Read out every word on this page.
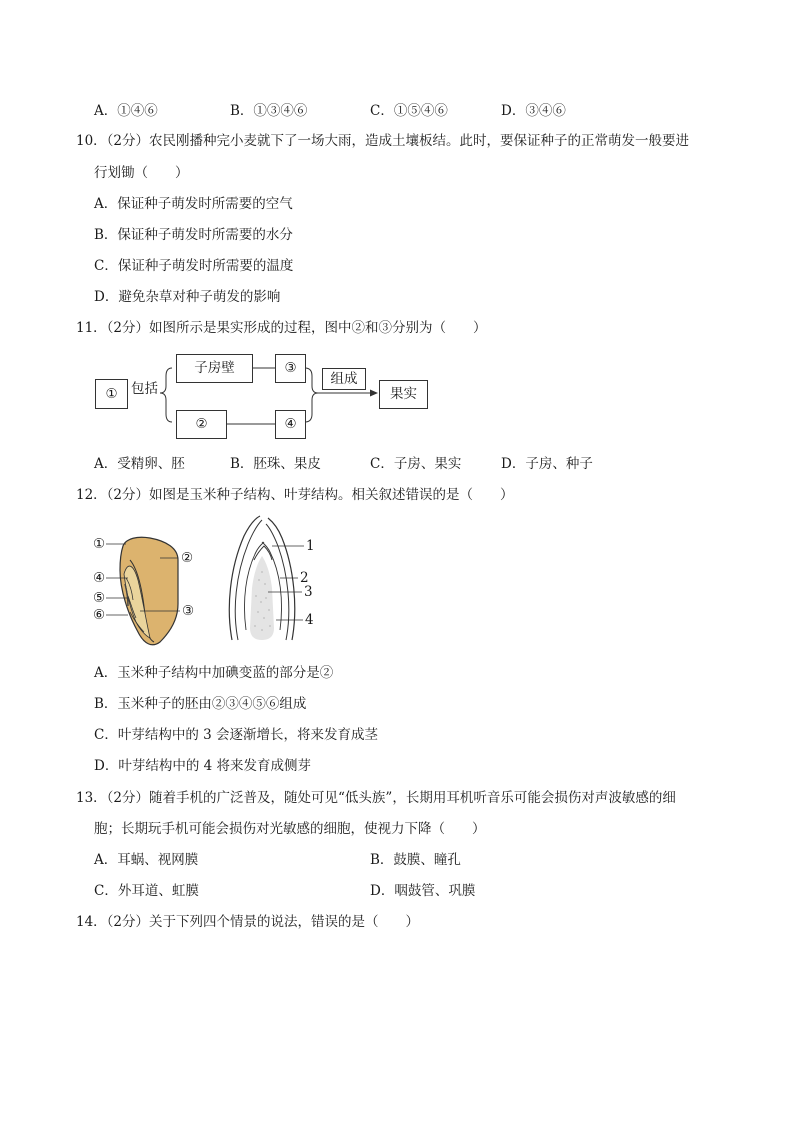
A．①④⑥	B．①③④⑥	C．①⑤④⑥	D．③④⑥
10．（2分）农民刚播种完小麦就下了一场大雨，造成土壤板结。此时，要保证种子的正常萌发一般要进
行划锄（　　）
A．保证种子萌发时所需要的空气
B．保证种子萌发时所需要的水分
C．保证种子萌发时所需要的温度
D．避免杂草对种子萌发的影响
11．（2分）如图所示是果实形成的过程，图中②和③分别为（　　）
① 包括
子房壁	③
②	④
组成
果实
A．受精卵、胚	B．胚珠、果皮	C．子房、果实	D．子房、种子
12．（2分）如图是玉米种子结构、叶芽结构。相关叙述错误的是（　　）
①
②
④
⑤
⑥	③
1
2
3
4
A．玉米种子结构中加碘变蓝的部分是②
B．玉米种子的胚由②③④⑤⑥组成
C．叶芽结构中的 3 会逐渐增长，将来发育成茎
D．叶芽结构中的 4 将来发育成侧芽
13．（2分）随着手机的广泛普及，随处可见“低头族”，长期用耳机听音乐可能会损伤对声波敏感的细
胞；长期玩手机可能会损伤对光敏感的细胞，使视力下降（　　）
A．耳蜗、视网膜	B．鼓膜、瞳孔
C．外耳道、虹膜	D．咽鼓管、巩膜
14．（2分）关于下列四个情景的说法，错误的是（　　）
